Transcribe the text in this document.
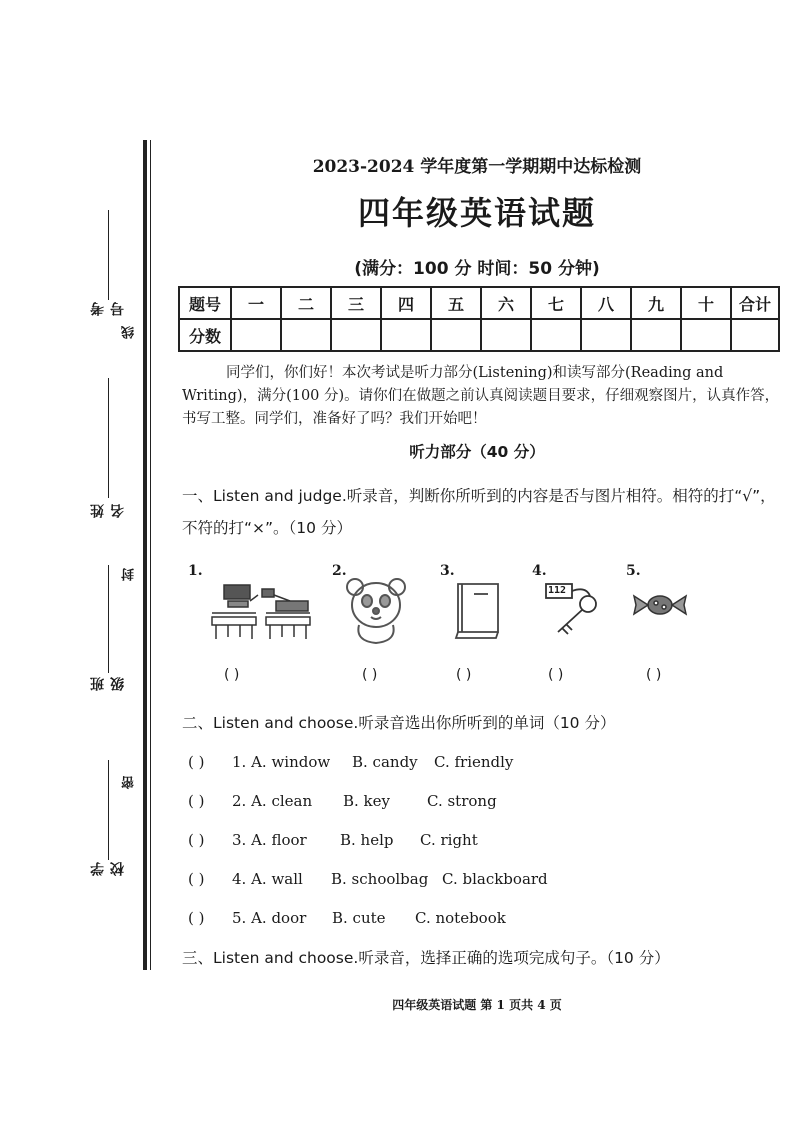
考号
姓名
班级
学校
线
封
密
2023-2024 学年度第一学期期中达标检测
四年级英语试题
(满分：100 分 时间：50 分钟)
题号	一	二	三	四	五	六	七	八	九	十	合计
分数											
同学们，你们好！本次考试是听力部分(Listening)和读写部分(Reading and Writing)，满分(100 分)。请你们在做题之前认真阅读题目要求，仔细观察图片，认真作答，书写工整。同学们，准备好了吗？我们开始吧！
听力部分（40 分）
一、Listen and judge.听录音，判断你所听到的内容是否与图片相符。相符的打“√”，不符的打“×”。（10 分）
1.
( )
2.
( )
3.
( )
4.
112
( )
5.
( )
二、Listen and choose.听录音选出你所听到的单词（10 分）
( ) 1. A. window B. candy C. friendly
( ) 2. A. clean B. key C. strong
( ) 3. A. floor B. help C. right
( ) 4. A. wall B. schoolbag C. blackboard
( ) 5. A. door B. cute C. notebook
三、Listen and choose.听录音，选择正确的选项完成句子。（10 分）
四年级英语试题 第 1 页共 4 页
